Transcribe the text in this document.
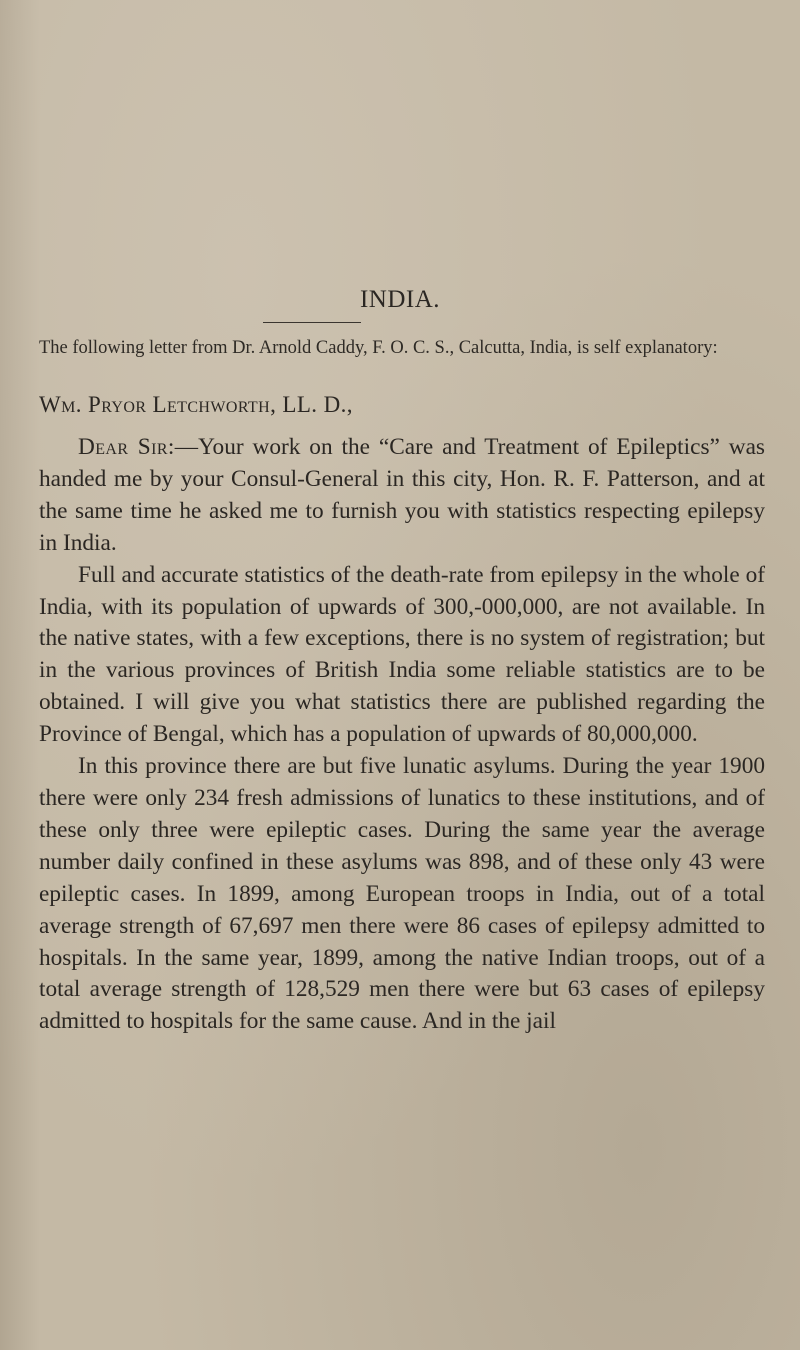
INDIA.
The following letter from Dr. Arnold Caddy, F. O. C. S., Calcutta, India, is self explanatory:
Wm. Pryor Letchworth, LL. D.,

Dear Sir:—Your work on the “Care and Treatment of Epileptics” was handed me by your Consul-General in this city, Hon. R. F. Patterson, and at the same time he asked me to furnish you with statistics respecting epilepsy in India.

Full and accurate statistics of the death-rate from epilepsy in the whole of India, with its population of upwards of 300,-000,000, are not available. In the native states, with a few exceptions, there is no system of registration; but in the various provinces of British India some reliable statistics are to be obtained. I will give you what statistics there are published regarding the Province of Bengal, which has a population of upwards of 80,000,000.

In this province there are but five lunatic asylums. During the year 1900 there were only 234 fresh admissions of lunatics to these institutions, and of these only three were epileptic cases. During the same year the average number daily confined in these asylums was 898, and of these only 43 were epileptic cases. In 1899, among European troops in India, out of a total average strength of 67,697 men there were 86 cases of epilepsy admitted to hospitals. In the same year, 1899, among the native Indian troops, out of a total average strength of 128,529 men there were but 63 cases of epilepsy admitted to hospitals for the same cause. And in the jail
